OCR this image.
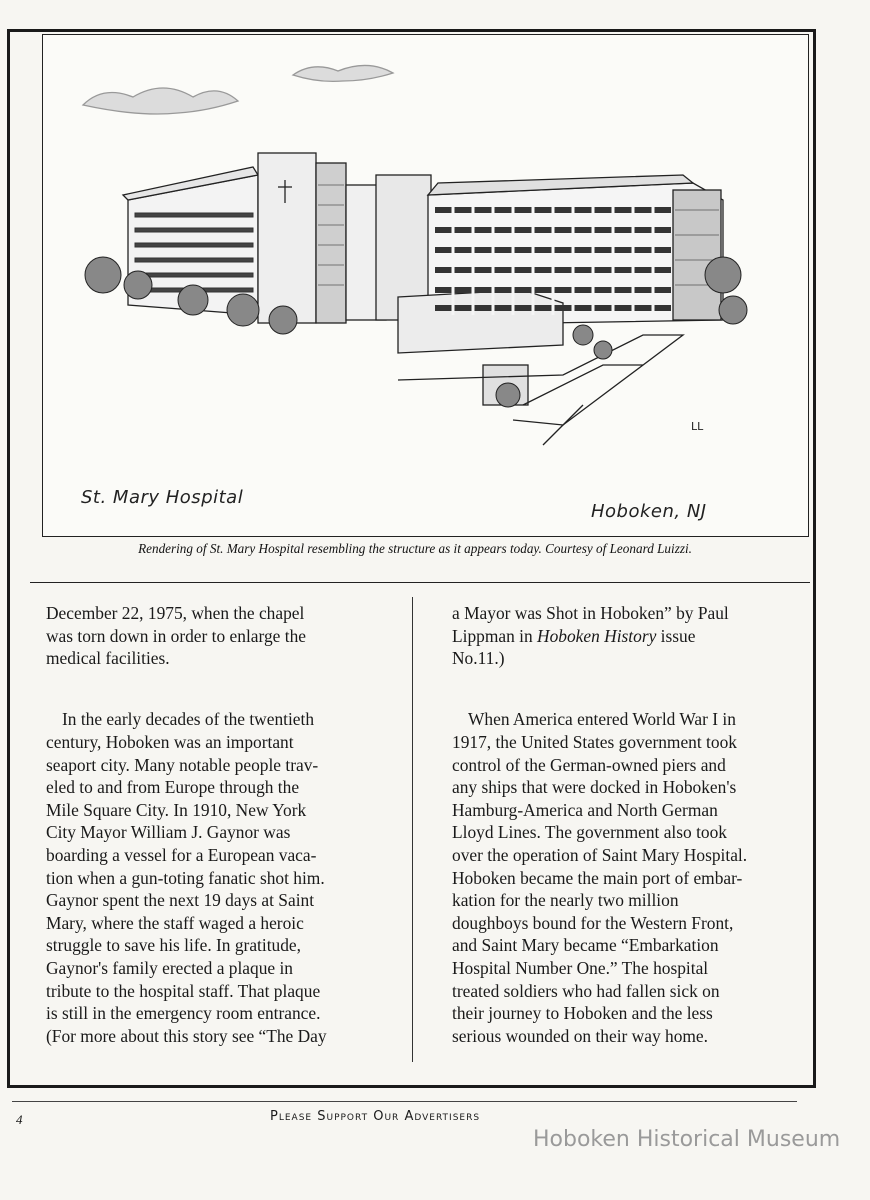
LL
St. Mary Hospital
Hoboken, NJ
Rendering of St. Mary Hospital resembling the structure as it appears today. Courtesy of Leonard Luizzi.

December 22, 1975, when the chapel

was torn down in order to enlarge the

medical facilities.

In the early decades of the twentieth

century, Hoboken was an important

seaport city. Many notable people trav-

eled to and from Europe through the

Mile Square City. In 1910, New York

City Mayor William J. Gaynor was

boarding a vessel for a European vaca-

tion when a gun-toting fanatic shot him.

Gaynor spent the next 19 days at Saint

Mary, where the staff waged a heroic

struggle to save his life. In gratitude,

Gaynor's family erected a plaque in

tribute to the hospital staff. That plaque

is still in the emergency room entrance.

(For more about this story see “The Day

a Mayor was Shot in Hoboken” by Paul

Lippman in Hoboken History issue

No.11.)

When America entered World War I in

1917, the United States government took

control of the German-owned piers and

any ships that were docked in Hoboken's

Hamburg-America and North German

Lloyd Lines. The government also took

over the operation of Saint Mary Hospital.

Hoboken became the main port of embar-

kation for the nearly two million

doughboys bound for the Western Front,

and Saint Mary became “Embarkation

Hospital Number One.” The hospital

treated soldiers who had fallen sick on

their journey to Hoboken and the less

serious wounded on their way home.

4	Please Support Our Advertisers
Hoboken Historical Museum
